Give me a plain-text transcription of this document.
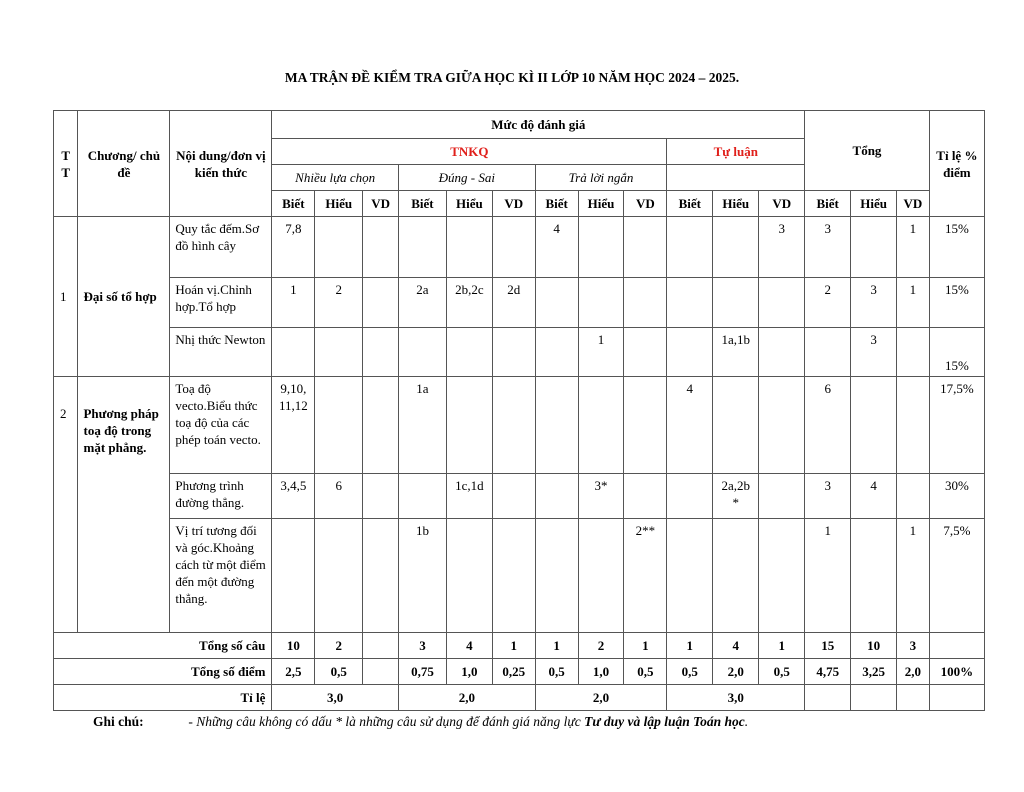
MA TRẬN ĐỀ KIỂM TRA GIỮA HỌC KÌ II LỚP 10 NĂM HỌC 2024 – 2025.
T T	Chương/ chủ đề	Nội dung/đơn vị kiến thức	Mức độ đánh giá												Tổng			Tỉ lệ % điểm
			TNKQ									Tự luận						
			Nhiều lựa chọn			Đúng - Sai			Trả lời ngắn									
			Biết	Hiểu	VD	Biết	Hiểu	VD	Biết	Hiểu	VD	Biết	Hiểu	VD	Biết	Hiểu	VD	
1	Đại số tổ hợp	Quy tắc đếm.Sơ đồ hình cây	7,8						4					3	3		1	15%
		Hoán vị.Chỉnh hợp.Tổ hợp	1	2		2a	2b,2c	2d							2	3	1	15%
		Nhị thức Newton								1			1a,1b			3		15%
2	Phương pháp toạ độ trong mặt phẳng.	Toạ độ vecto.Biểu thức toạ độ của các phép toán vecto.	9,10,11,12			1a						4			6			17,5%
		Phương trình đường thẳng.	3,4,5	6			1c,1d			3*			2a,2b*		3	4		30%
		Vị trí tương đối và góc.Khoảng cách từ một điểm đến một đường thẳng.				1b					2**				1		1	7,5%
Tổng số câu			10	2		3	4	1	1	2	1	1	4	1	15	10	3	
Tổng số điểm			2,5	0,5		0,75	1,0	0,25	0,5	1,0	0,5	0,5	2,0	0,5	4,75	3,25	2,0	100%
Tỉ lệ			3,0			2,0			2,0			3,0						
Ghi chú:	- Những câu không có dấu * là những câu sử dụng để đánh giá năng lực Tư duy và lập luận Toán học.
